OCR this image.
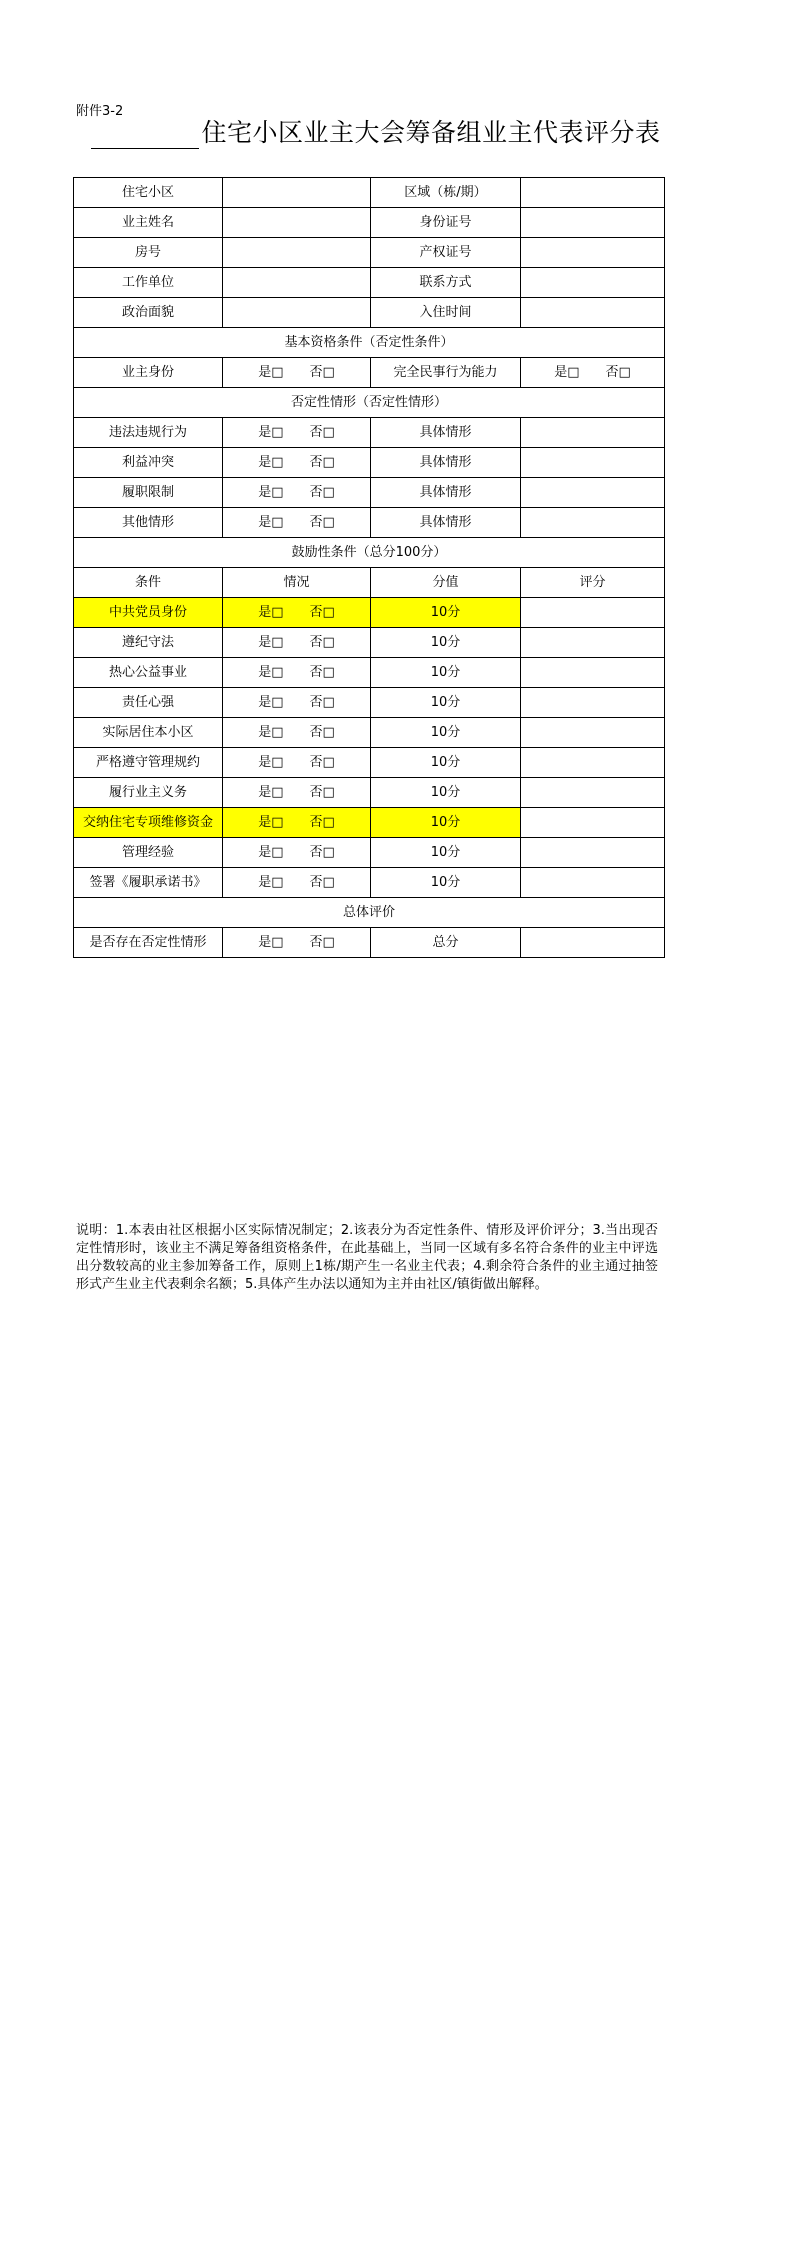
附件3-2
住宅小区业主大会筹备组业主代表评分表
住宅小区		区域（栋/期）	
业主姓名		身份证号	
房号		产权证号	
工作单位		联系方式	
政治面貌		入住时间	
基本资格条件（否定性条件）			
业主身份	是□ 否□	完全民事行为能力	是□ 否□

否定性情形（否定性情形）			
违法违规行为	是□ 否□	具体情形	
利益冲突	是□ 否□	具体情形	
履职限制	是□ 否□	具体情形	
其他情形	是□ 否□	具体情形	
鼓励性条件（总分100分）			
条件	情况	分值	评分
中共党员身份	是□ 否□	10分	
遵纪守法	是□ 否□	10分	
热心公益事业	是□ 否□	10分	
责任心强	是□ 否□	10分	
实际居住本小区	是□ 否□	10分	
严格遵守管理规约	是□ 否□	10分	
履行业主义务	是□ 否□	10分	
交纳住宅专项维修资金	是□ 否□	10分	
管理经验	是□ 否□	10分	
签署《履职承诺书》	是□ 否□	10分	
总体评价			
是否存在否定性情形	是□ 否□	总分	
说明：1.本表由社区根据小区实际情况制定；2.该表分为否定性条件、情形及评价评分；3.当出现否定性情形时，该业主不满足筹备组资格条件，在此基础上，当同一区域有多名符合条件的业主中评选出分数较高的业主参加筹备工作，原则上1栋/期产生一名业主代表；4.剩余符合条件的业主通过抽签形式产生业主代表剩余名额；5.具体产生办法以通知为主并由社区/镇街做出解释。
